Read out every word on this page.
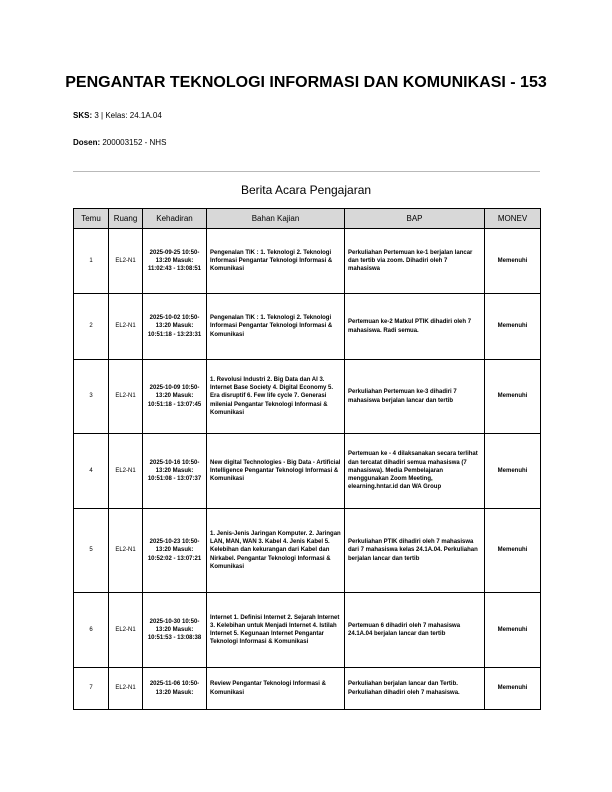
PENGANTAR TEKNOLOGI INFORMASI DAN KOMUNIKASI - 153
SKS: 3 | Kelas: 24.1A.04
Dosen: 200003152 - NHS
Berita Acara Pengajaran
Temu	Ruang	Kehadiran	Bahan Kajian	BAP	MONEV
1	EL2-N1	2025-09-25 10:50-13:20 Masuk: 11:02:43 - 13:08:51	Pengenalan TIK : 1. Teknologi 2. Teknologi Informasi Pengantar Teknologi Informasi & Komunikasi	Perkuliahan Pertemuan ke-1 berjalan lancar dan tertib via zoom. Dihadiri oleh 7 mahasiswa	Memenuhi
2	EL2-N1	2025-10-02 10:50-13:20 Masuk: 10:51:18 - 13:23:31	Pengenalan TIK : 1. Teknologi 2. Teknologi Informasi Pengantar Teknologi Informasi & Komunikasi	Pertemuan ke-2 Matkul PTIK dihadiri oleh 7 mahasiswa. Radi semua.	Memenuhi
3	EL2-N1	2025-10-09 10:50-13:20 Masuk: 10:51:18 - 13:07:45	1. Revolusi Industri 2. Big Data dan AI 3. Internet Base Society 4. Digital Economy 5. Era disruptif 6. Few life cycle 7. Generasi milenial Pengantar Teknologi Informasi & Komunikasi	Perkuliahan Pertemuan ke-3 dihadiri 7 mahasiswa berjalan lancar dan tertib	Memenuhi
4	EL2-N1	2025-10-16 10:50-13:20 Masuk: 10:51:08 - 13:07:37	New digital Technologies - Big Data - Artificial Intelligence Pengantar Teknologi Informasi & Komunikasi	Pertemuan ke - 4 dilaksanakan secara terlihat dan tercatat dihadiri semua mahasiswa (7 mahasiswa). Media Pembelajaran menggunakan Zoom Meeting, elearning.hntar.id dan WA Group	Memenuhi
5	EL2-N1	2025-10-23 10:50-13:20 Masuk: 10:52:02 - 13:07:21	1. Jenis-Jenis Jaringan Komputer. 2. Jaringan LAN, MAN, WAN 3. Kabel 4. Jenis Kabel 5. Kelebihan dan kekurangan dari Kabel dan Nirkabel. Pengantar Teknologi Informasi & Komunikasi	Perkuliahan PTIK dihadiri oleh 7 mahasiswa dari 7 mahasiswa kelas 24.1A.04. Perkuliahan berjalan lancar dan tertib	Memenuhi
6	EL2-N1	2025-10-30 10:50-13:20 Masuk: 10:51:53 - 13:08:38	Internet 1. Definisi Internet 2. Sejarah Internet 3. Kelebihan untuk Menjadi Internet 4. Istilah Internet 5. Kegunaan Internet Pengantar Teknologi Informasi & Komunikasi	Pertemuan 6 dihadiri oleh 7 mahasiswa 24.1A.04 berjalan lancar dan tertib	Memenuhi
7	EL2-N1	2025-11-06 10:50-13:20 Masuk:	Review Pengantar Teknologi Informasi & Komunikasi	Perkuliahan berjalan lancar dan Tertib. Perkuliahan dihadiri oleh 7 mahasiswa.	Memenuhi
